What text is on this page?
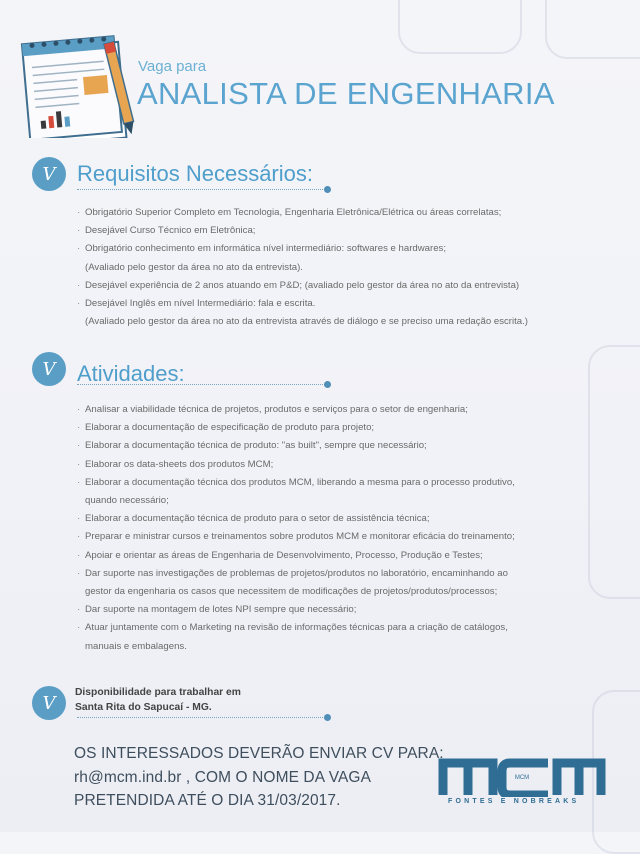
Vaga para
ANALISTA DE ENGENHARIA
V Requisitos Necessários:
· Obrigatório Superior Completo em Tecnologia, Engenharia Eletrônica/Elétrica ou áreas correlatas;
· Desejável Curso Técnico em Eletrônica;
· Obrigatório conhecimento em informática nível intermediário: softwares e hardwares;
(Avaliado pelo gestor da área no ato da entrevista).
· Desejável experiência de 2 anos atuando em P&D; (avaliado pelo gestor da área no ato da entrevista)
· Desejável Inglês em nível Intermediário: fala e escrita.
(Avaliado pelo gestor da área no ato da entrevista através de diálogo e se preciso uma redação escrita.)
V Atividades:
· Analisar a viabilidade técnica de projetos, produtos e serviços para o setor de engenharia;
· Elaborar a documentação de especificação de produto para projeto;
· Elaborar a documentação técnica de produto: "as built", sempre que necessário;
· Elaborar os data-sheets dos produtos MCM;
· Elaborar a documentação técnica dos produtos MCM, liberando a mesma para o processo produtivo,
quando necessário;
· Elaborar a documentação técnica de produto para o setor de assistência técnica;
· Preparar e ministrar cursos e treinamentos sobre produtos MCM e monitorar eficácia do treinamento;
· Apoiar e orientar as áreas de Engenharia de Desenvolvimento, Processo, Produção e Testes;
· Dar suporte nas investigações de problemas de projetos/produtos no laboratório, encaminhando ao
gestor da engenharia os casos que necessitem de modificações de projetos/produtos/processos;
· Dar suporte na montagem de lotes NPI sempre que necessário;
· Atuar juntamente com o Marketing na revisão de informações técnicas para a criação de catálogos,
manuais e embalagens.
V	Disponibilidade para trabalhar em
Santa Rita do Sapucaí - MG.
OS INTERESSADOS DEVERÃO ENVIAR CV PARA:
rh@mcm.ind.br , COM O NOME DA VAGA
PRETENDIDA ATÉ O DIA 31/03/2017.
MCM
FONTES E NOBREAKS
